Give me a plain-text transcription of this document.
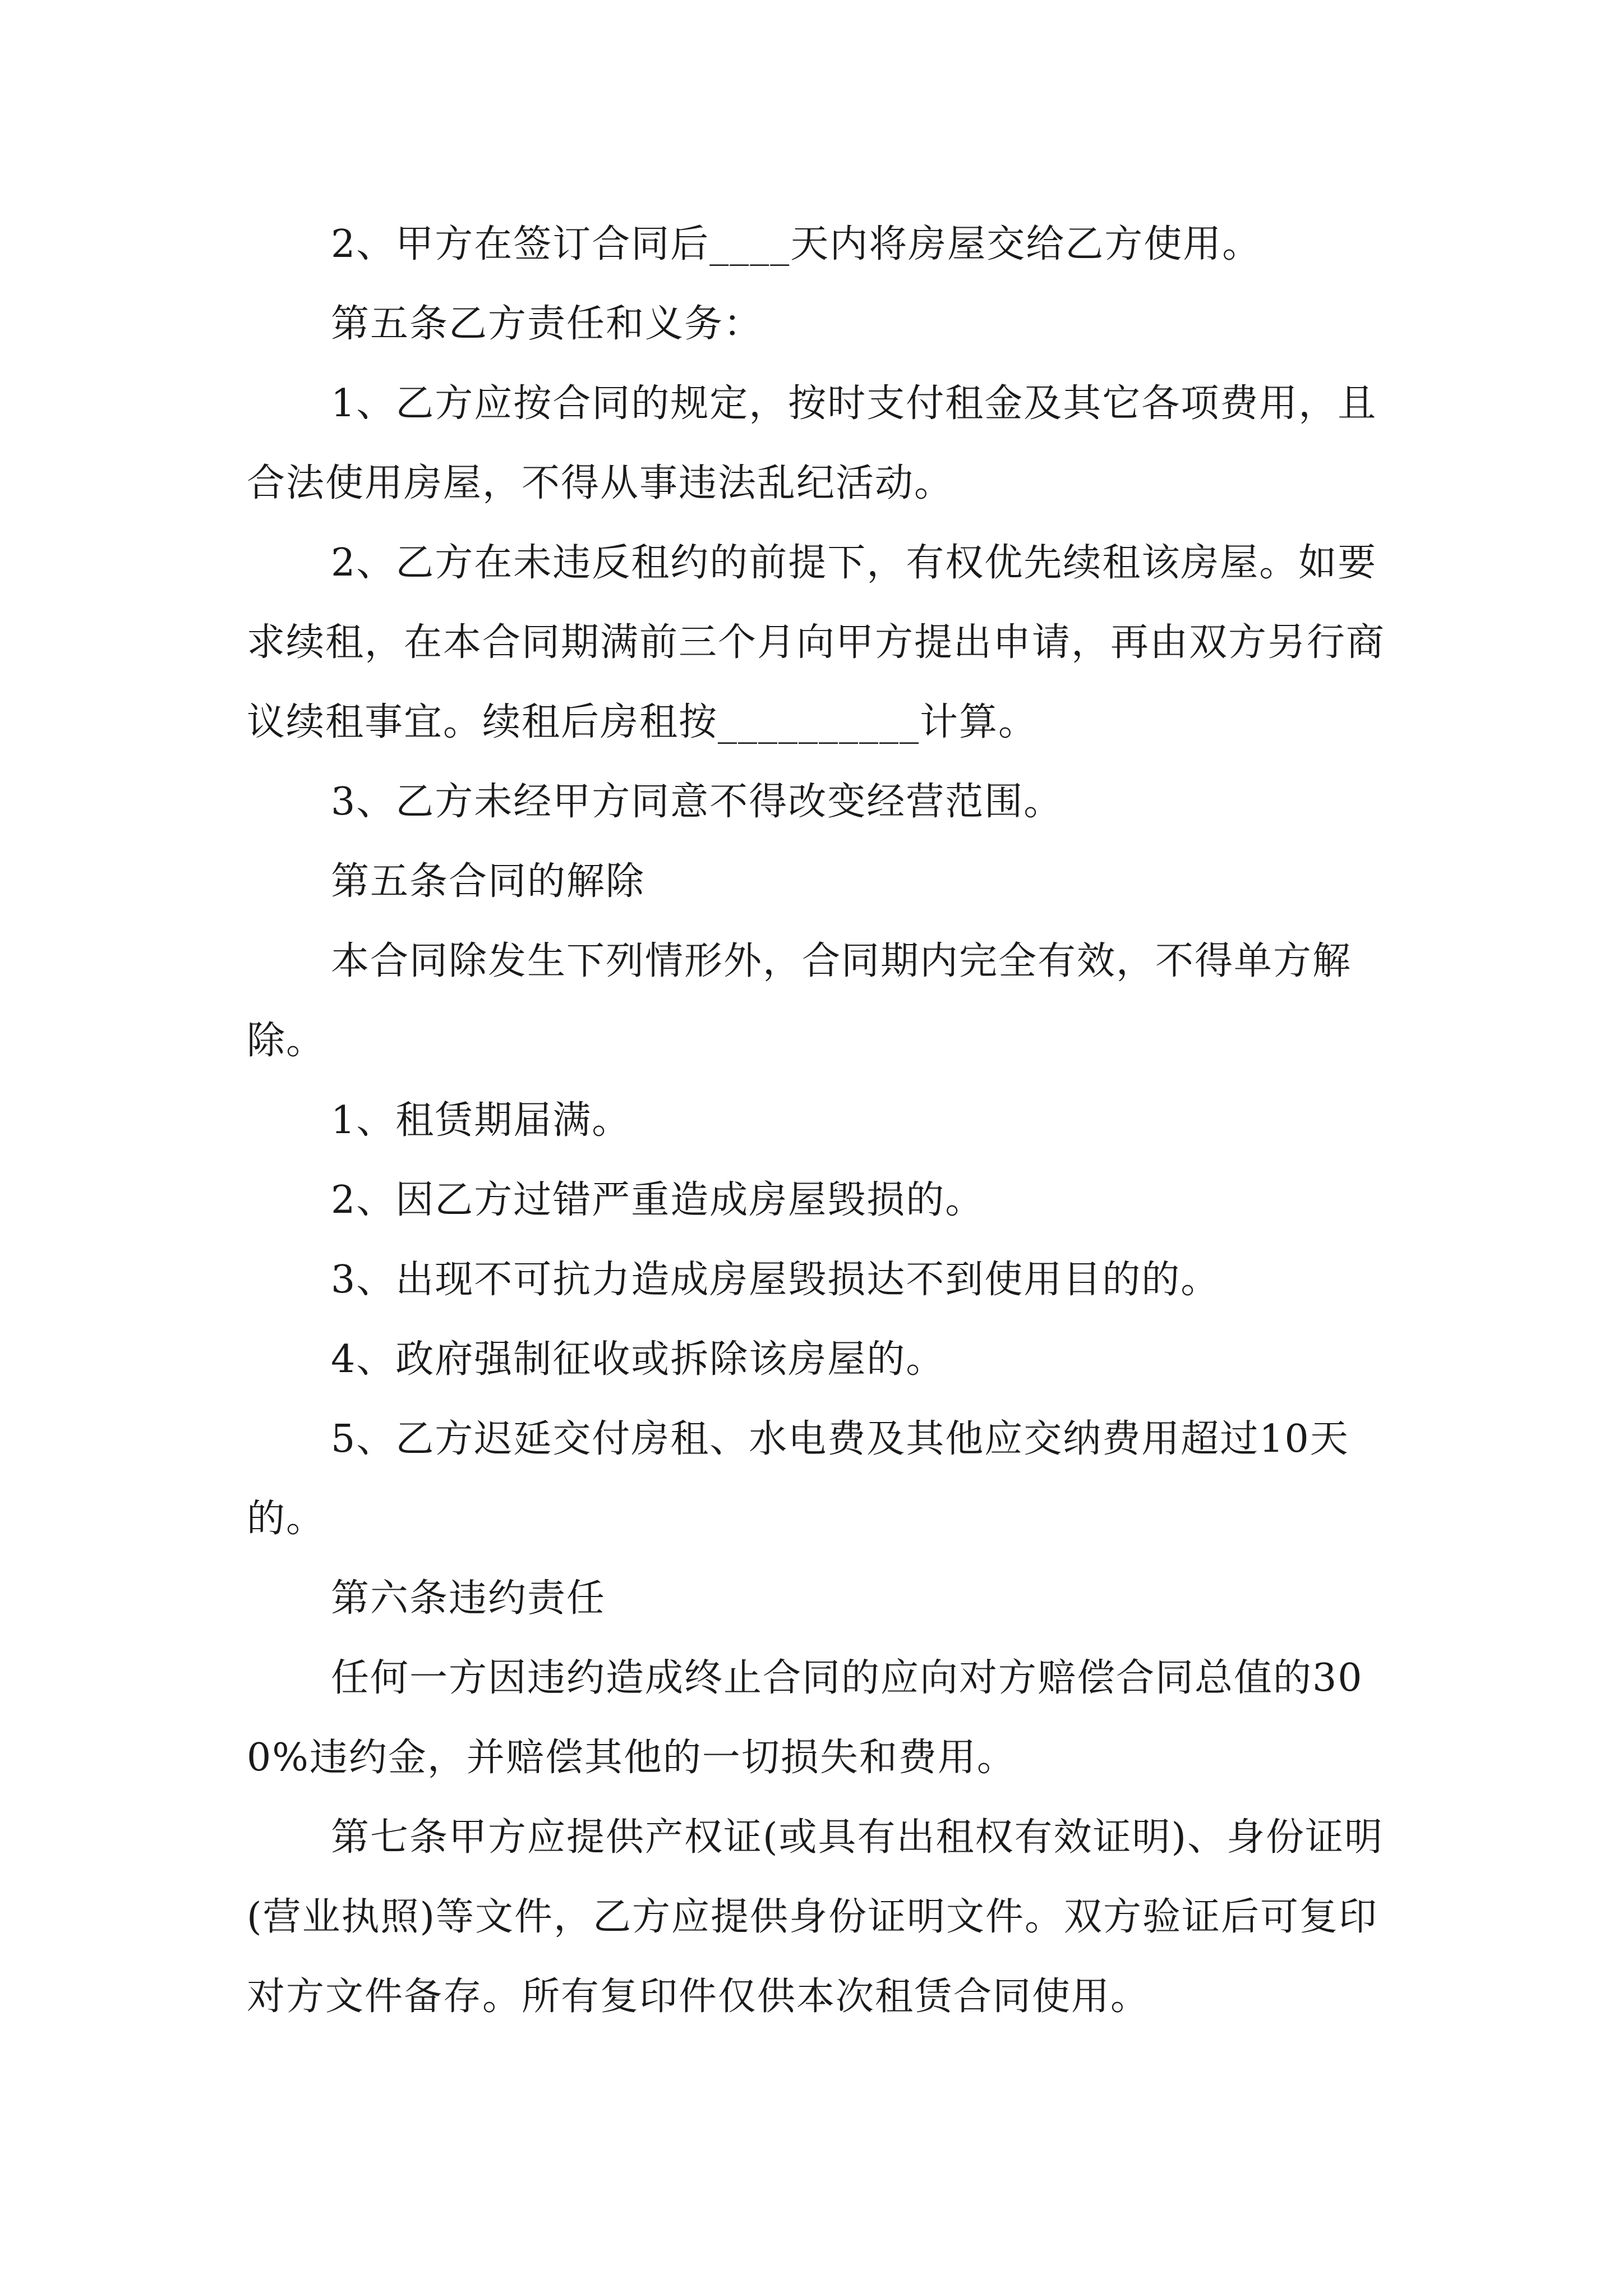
2、甲方在签订合同后____天内将房屋交给乙方使用。

第五条乙方责任和义务：

1、乙方应按合同的规定，按时支付租金及其它各项费用，且合法使用房屋，不得从事违法乱纪活动。

2、乙方在未违反租约的前提下，有权优先续租该房屋。如要求续租，在本合同期满前三个月向甲方提出申请，再由双方另行商议续租事宜。续租后房租按__________计算。

3、乙方未经甲方同意不得改变经营范围。

第五条合同的解除

本合同除发生下列情形外，合同期内完全有效，不得单方解除。

1、租赁期届满。

2、因乙方过错严重造成房屋毁损的。

3、出现不可抗力造成房屋毁损达不到使用目的的。

4、政府强制征收或拆除该房屋的。

5、乙方迟延交付房租、水电费及其他应交纳费用超过10天的。

第六条违约责任

任何一方因违约造成终止合同的应向对方赔偿合同总值的300%违约金，并赔偿其他的一切损失和费用。

第七条甲方应提供产权证(或具有出租权有效证明)、身份证明(营业执照)等文件，乙方应提供身份证明文件。双方验证后可复印对方文件备存。所有复印件仅供本次租赁合同使用。
